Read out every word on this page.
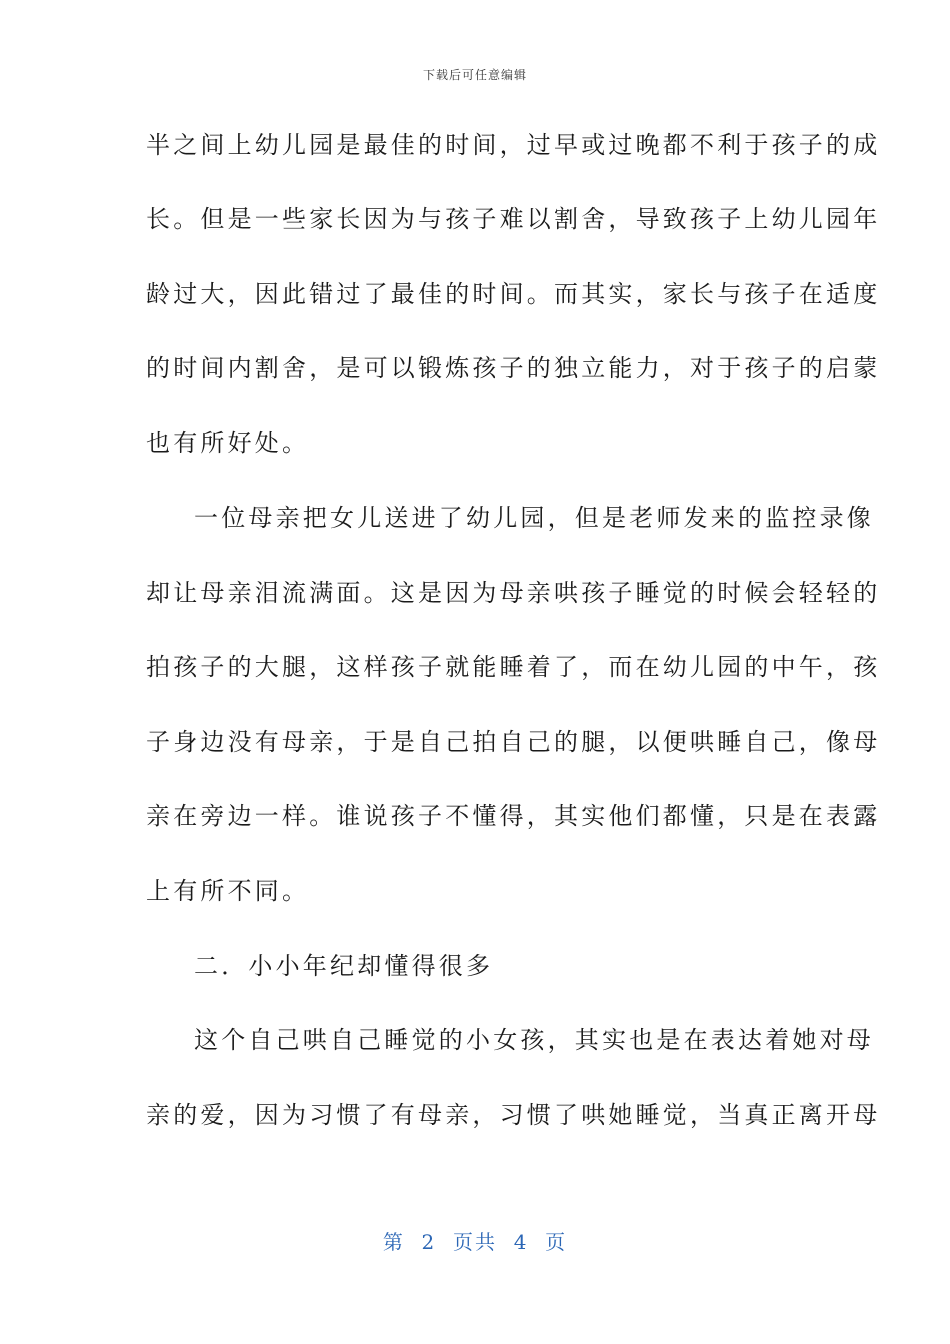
下载后可任意编辑
半之间上幼儿园是最佳的时间，过早或过晚都不利于孩子的成
长。但是一些家长因为与孩子难以割舍，导致孩子上幼儿园年
龄过大，因此错过了最佳的时间。而其实，家长与孩子在适度
的时间内割舍，是可以锻炼孩子的独立能力，对于孩子的启蒙
也有所好处。
一位母亲把女儿送进了幼儿园，但是老师发来的监控录像
却让母亲泪流满面。这是因为母亲哄孩子睡觉的时候会轻轻的
拍孩子的大腿，这样孩子就能睡着了，而在幼儿园的中午，孩
子身边没有母亲，于是自己拍自己的腿，以便哄睡自己，像母
亲在旁边一样。谁说孩子不懂得，其实他们都懂，只是在表露
上有所不同。
二．小小年纪却懂得很多
这个自己哄自己睡觉的小女孩，其实也是在表达着她对母
亲的爱，因为习惯了有母亲，习惯了哄她睡觉，当真正离开母
第  2  页共  4  页
